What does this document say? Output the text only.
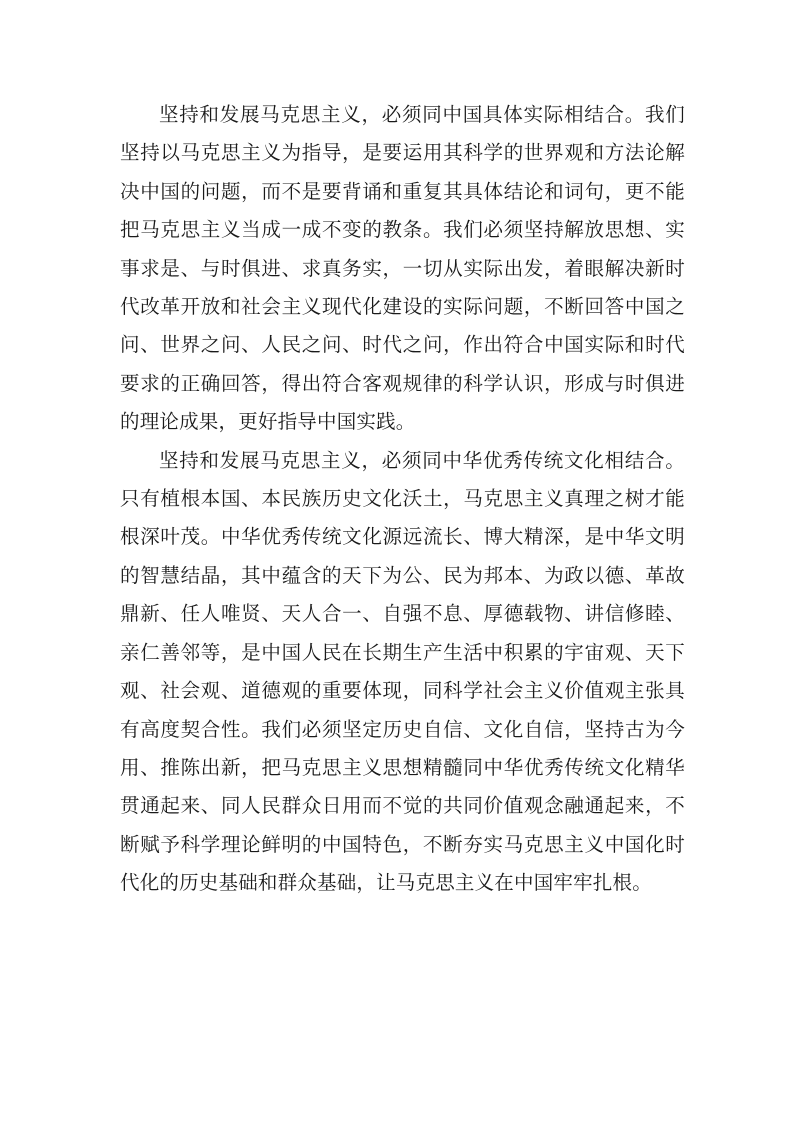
坚持和发展马克思主义，必须同中国具体实际相结合。我们坚持以马克思主义为指导，是要运用其科学的世界观和方法论解决中国的问题，而不是要背诵和重复其具体结论和词句，更不能把马克思主义当成一成不变的教条。我们必须坚持解放思想、实事求是、与时俱进、求真务实，一切从实际出发，着眼解决新时代改革开放和社会主义现代化建设的实际问题，不断回答中国之问、世界之问、人民之问、时代之问，作出符合中国实际和时代要求的正确回答，得出符合客观规律的科学认识，形成与时俱进的理论成果，更好指导中国实践。

坚持和发展马克思主义，必须同中华优秀传统文化相结合。只有植根本国、本民族历史文化沃土，马克思主义真理之树才能根深叶茂。中华优秀传统文化源远流长、博大精深，是中华文明的智慧结晶，其中蕴含的天下为公、民为邦本、为政以德、革故鼎新、任人唯贤、天人合一、自强不息、厚德载物、讲信修睦、亲仁善邻等，是中国人民在长期生产生活中积累的宇宙观、天下观、社会观、道德观的重要体现，同科学社会主义价值观主张具有高度契合性。我们必须坚定历史自信、文化自信，坚持古为今用、推陈出新，把马克思主义思想精髓同中华优秀传统文化精华贯通起来、同人民群众日用而不觉的共同价值观念融通起来，不断赋予科学理论鲜明的中国特色，不断夯实马克思主义中国化时代化的历史基础和群众基础，让马克思主义在中国牢牢扎根。
